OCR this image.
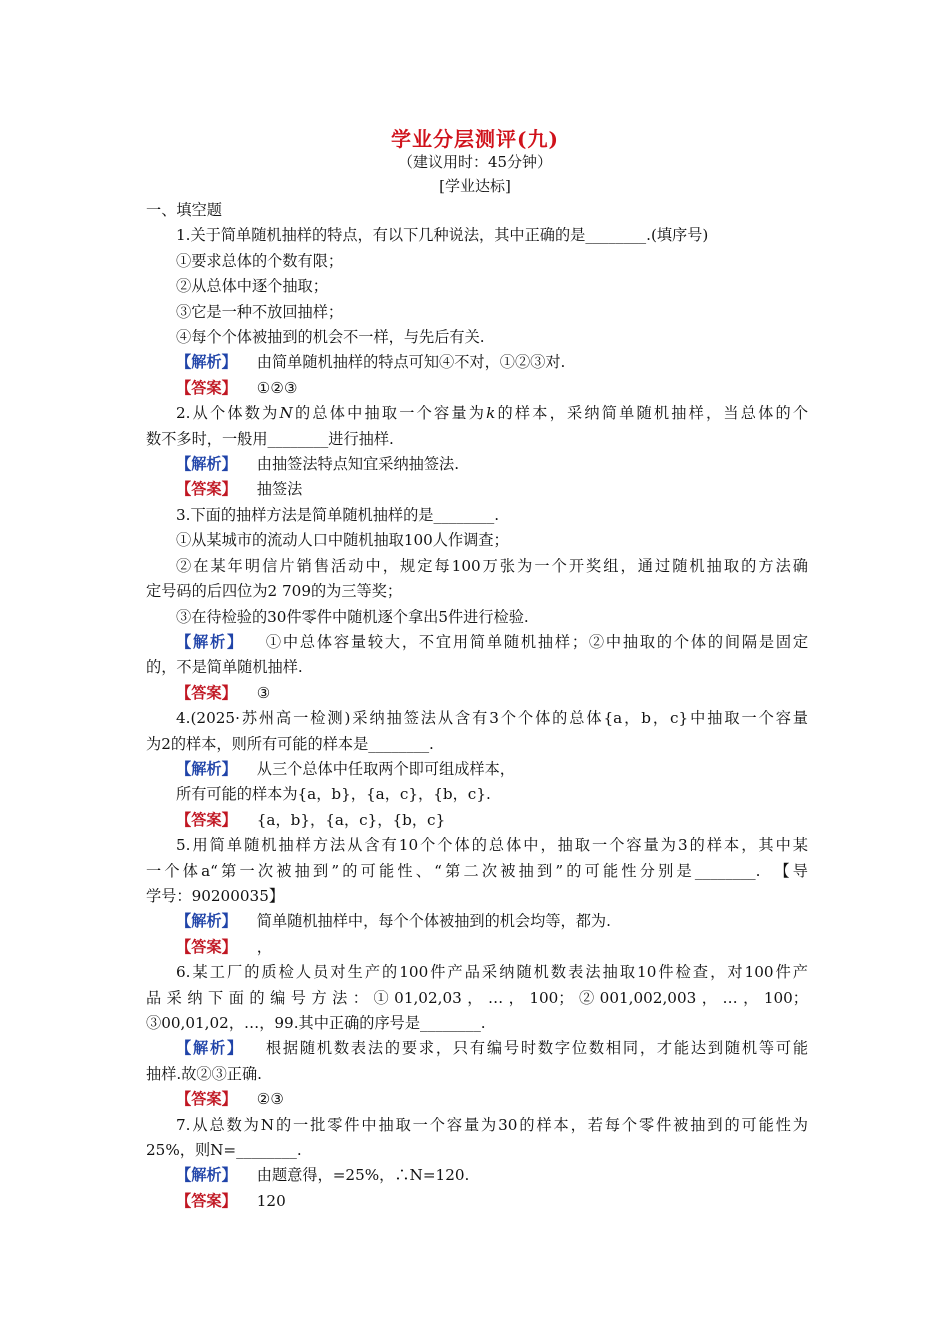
学业分层测评(九)
（建议用时：45分钟）
[学业达标]
一、填空题
1.关于简单随机抽样的特点，有以下几种说法，其中正确的是________.(填序号)
①要求总体的个数有限；
②从总体中逐个抽取；
③它是一种不放回抽样；
④每个个体被抽到的机会不一样，与先后有关.
【解析】 由简单随机抽样的特点可知④不对，①②③对.
【答案】 ①②③
2.从个体数为N的总体中抽取一个容量为k的样本，采纳简单随机抽样，当总体的个
数不多时，一般用________进行抽样.
【解析】 由抽签法特点知宜采纳抽签法.
【答案】 抽签法
3.下面的抽样方法是简单随机抽样的是________.
①从某城市的流动人口中随机抽取100人作调查；
②在某年明信片销售活动中，规定每100万张为一个开奖组，通过随机抽取的方法确
定号码的后四位为2 709的为三等奖；
③在待检验的30件零件中随机逐个拿出5件进行检验.
【解析】 ①中总体容量较大，不宜用简单随机抽样；②中抽取的个体的间隔是固定
的，不是简单随机抽样.
【答案】 ③
4.(2025·苏州高一检测)采纳抽签法从含有3个个体的总体{a，b，c}中抽取一个容量
为2的样本，则所有可能的样本是________.
【解析】 从三个总体中任取两个即可组成样本，
所有可能的样本为{a，b}，{a，c}，{b，c}.
【答案】 {a，b}，{a，c}，{b，c}
5.用简单随机抽样方法从含有10个个体的总体中，抽取一个容量为3的样本，其中某
一个体a“第一次被抽到”的可能性、“第二次被抽到”的可能性分别是________.　【导
学号：90200035】
【解析】 简单随机抽样中，每个个体被抽到的机会均等，都为.
【答案】 ，
6.某工厂的质检人员对生产的100件产品采纳随机数表法抽取10件检查，对100件产
品采纳下面的编号方法：①01,02,03，…，100；②001,002,003，…，100；
③00,01,02，…，99.其中正确的序号是________.
【解析】 根据随机数表法的要求，只有编号时数字位数相同，才能达到随机等可能
抽样.故②③正确.
【答案】 ②③
7.从总数为N的一批零件中抽取一个容量为30的样本，若每个零件被抽到的可能性为
25%，则N=________.
【解析】 由题意得，=25%，∴N=120.
【答案】 120
